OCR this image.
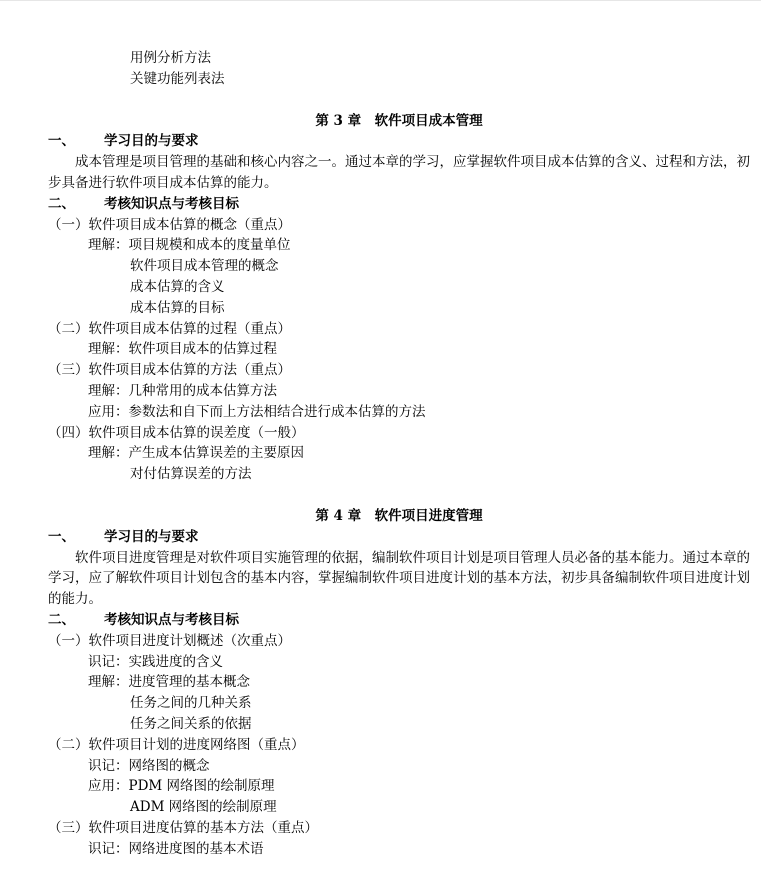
用例分析方法
关键功能列表法
第 3 章　软件项目成本管理
一、 学习目的与要求

成本管理是项目管理的基础和核心内容之一。通过本章的学习，应掌握软件项目成本估算的含义、过程和方法，初步具备进行软件项目成本估算的能力。

二、 考核知识点与考核目标
（一）软件项目成本估算的概念（重点）
理解：项目规模和成本的度量单位
软件项目成本管理的概念
成本估算的含义
成本估算的目标
（二）软件项目成本估算的过程（重点）
理解：软件项目成本的估算过程
（三）软件项目成本估算的方法（重点）
理解：几种常用的成本估算方法
应用：参数法和自下而上方法相结合进行成本估算的方法
（四）软件项目成本估算的误差度（一般）
理解：产生成本估算误差的主要原因
对付估算误差的方法
第 4 章　软件项目进度管理
一、 学习目的与要求

软件项目进度管理是对软件项目实施管理的依据，编制软件项目计划是项目管理人员必备的基本能力。通过本章的学习，应了解软件项目计划包含的基本内容，掌握编制软件项目进度计划的基本方法，初步具备编制软件项目进度计划的能力。

二、 考核知识点与考核目标
（一）软件项目进度计划概述（次重点）
识记：实践进度的含义
理解：进度管理的基本概念
任务之间的几种关系
任务之间关系的依据
（二）软件项目计划的进度网络图（重点）
识记：网络图的概念
应用：PDM 网络图的绘制原理
ADM 网络图的绘制原理
（三）软件项目进度估算的基本方法（重点）
识记：网络进度图的基本术语
